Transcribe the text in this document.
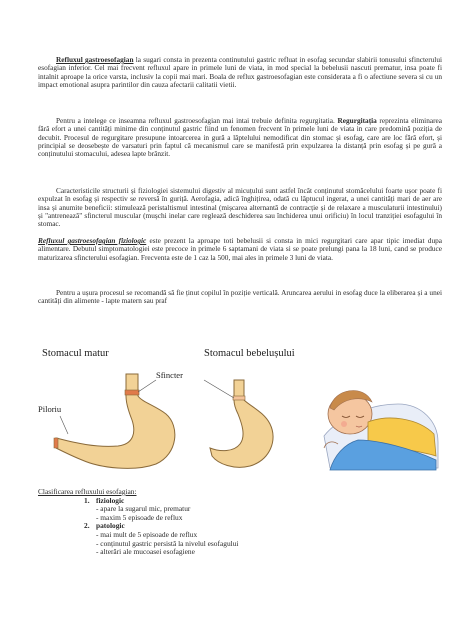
Refluxul gastroesofagian la sugari consta in prezenta continutului gastric refluat in esofag secundar slabirii tonusului sfincterului esofagian inferior. Cel mai frecvent refluxul apare in primele luni de viata, in mod special la bebelusii nascuti prematur, insa poate fi intalnit aproape la orice varsta, inclusiv la copii mai mari. Boala de reflux gastroesofagian este considerata a fi o afectiune severa si cu un impact emotional asupra parintilor din cauza afectarii calitatii vietii.
Pentru a intelege ce inseamna refluxul gastroesofagian mai intai trebuie definita regurgitatia. Regurgitația reprezinta eliminarea fără efort a unei cantități minime din conținutul gastric fiind un fenomen frecvent în primele luni de viata in care predomină poziția de decubit. Procesul de regurgitare presupune intoarcerea in gură a lăptelului nemodificat din stomac și esofag, care are loc fără efort, și principial se deosebește de varsaturi prin faptul că mecanismul care se manifestă prin expulzarea la distanță prin esofag și pe gură a conținutului stomacului, adesea lapte brânzit.
Caracteristicile structurii și fiziologiei sistemului digestiv al micuțului sunt astfel încât conținutul stomăcelului foarte ușor poate fi expulzat în esofag și respectiv se reversă în guriță. Aerofagia, adică înghițirea, odată cu lăptucul ingerat, a unei cantități mari de aer are insa și anumite beneficii: stimulează peristaltismul intestinal (mișcarea alternantă de contracție și de relaxare a musculaturii intestinului) și "antrenează" sfincterul muscular (mușchi inelar care reglează deschiderea sau închiderea unui orificiu) în locul tranziției esofagului în stomac.
Refluxul gastroesofagian fiziologic este prezent la aproape toti bebelusii si consta in mici regurgitari care apar tipic imediat dupa alimentare. Debutul simptomatologiei este precoce in primele 6 saptamani de viata si se poate prelungi pana la 18 luni, cand se produce maturizarea sfincterului esofagian. Frecventa este de 1 caz la 500, mai ales in primele 3 luni de viata.
Pentru a ușura procesul se recomandă să fie ținut copilul în poziție verticală. Aruncarea aerului in esofag duce la eliberarea și a unei cantități din alimente - lapte matern sau praf
Stomacul matur	Stomacul bebelușului
Sfincter
Piloriu
Clasificarea refluxului esofagian:
1. fiziologic
- apare la sugarul mic, prematur
- maxim 5 episoade de reflux
2. patologic
- mai mult de 5 episoade de reflux
- conținutul gastric persistă la nivelul esofagului
- alterări ale mucoasei esofagiene
